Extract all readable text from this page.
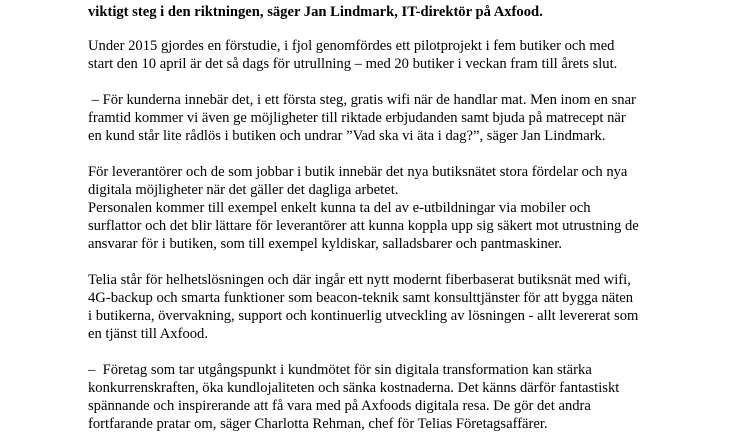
viktigt steg i den riktningen, säger Jan Lindmark, IT-direktör på Axfood.
Under 2015 gjordes en förstudie, i fjol genomfördes ett pilotprojekt i fem butiker och med
start den 10 april är det så dags för utrullning – med 20 butiker i veckan fram till årets slut.
– För kunderna innebär det, i ett första steg, gratis wifi när de handlar mat. Men inom en snar
framtid kommer vi även ge möjligheter till riktade erbjudanden samt bjuda på matrecept när
en kund står lite rådlös i butiken och undrar ”Vad ska vi äta i dag?”, säger Jan Lindmark.
För leverantörer och de som jobbar i butik innebär det nya butiksnätet stora fördelar och nya
digitala möjligheter när det gäller det dagliga arbetet.
Personalen kommer till exempel enkelt kunna ta del av e-utbildningar via mobiler och
surflattor och det blir lättare för leverantörer att kunna koppla upp sig säkert mot utrustning de
ansvarar för i butiken, som till exempel kyldiskar, salladsbarer och pantmaskiner.
Telia står för helhetslösningen och där ingår ett nytt modernt fiberbaserat butiksnät med wifi,
4G-backup och smarta funktioner som beacon-teknik samt konsulttjänster för att bygga näten
i butikerna, övervakning, support och kontinuerlig utveckling av lösningen - allt levererat som
en tjänst till Axfood.
–  Företag som tar utgångspunkt i kundmötet för sin digitala transformation kan stärka
konkurrenskraften, öka kundlojaliteten och sänka kostnaderna. Det känns därför fantastiskt
spännande och inspirerande att få vara med på Axfoods digitala resa. De gör det andra
fortfarande pratar om, säger Charlotta Rehman, chef för Telias Företagsaffärer.
